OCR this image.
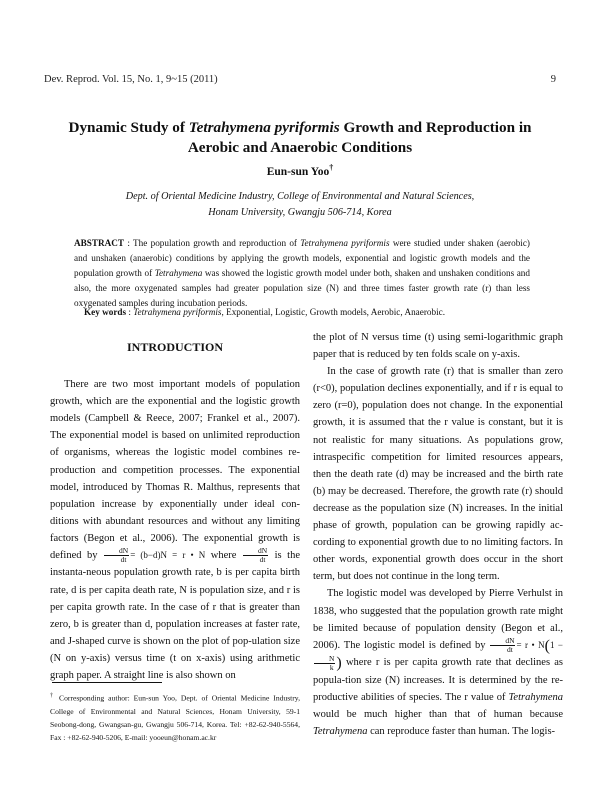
Dev. Reprod. Vol. 15, No. 1, 9~15 (2011)	9
Dynamic Study of Tetrahymena pyriformis Growth and Reproduction in Aerobic and Anaerobic Conditions
Eun-sun Yoo†
Dept. of Oriental Medicine Industry, College of Environmental and Natural Sciences,
Honam University, Gwangju 506-714, Korea
ABSTRACT : The population growth and reproduction of Tetrahymena pyriformis were studied under shaken (aerobic) and unshaken (anaerobic) conditions by applying the growth models, exponential and logistic growth models and the population growth of Tetrahymena was showed the logistic growth model under both, shaken and unshaken conditions and also, the more oxygenated samples had greater population size (N) and three times faster growth rate (r) than less oxygenated samples during incubation periods.
Key words : Tetrahymena pyriformis, Exponential, Logistic, Growth models, Aerobic, Anaerobic.
INTRODUCTION

There are two most important models of population growth, which are the exponential and the logistic growth models (Campbell & Reece, 2007; Frankel et al., 2007). The exponential model is based on unlimited reproduction of organisms, whereas the logistic model combines re-production and competition processes. The exponential model, introduced by Thomas R. Malthus, represents that population increase by exponentially under ideal con-ditions with abundant resources and without any limiting factors (Begon et al., 2006). The exponential growth is defined by $\frac{dN}{dt} = (b-d)N = r$ • N where $\frac{dN}{dt}$ is the instanta-neous population growth rate, b is per capita birth rate, d is per capita death rate, N is population size, and r is per capita growth rate. In the case of r that is greater than zero, b is greater than d, population increases at faster rate, and J-shaped curve is shown on the plot of pop-ulation size (N on y-axis) versus time (t on x-axis) using arithmetic graph paper. A straight line is also shown on

the plot of N versus time (t) using semi-logarithmic graph paper that is reduced by ten folds scale on y-axis.

In the case of growth rate (r) that is smaller than zero (r<0), population declines exponentially, and if r is equal to zero (r=0), population does not change. In the exponential growth, it is assumed that the r value is constant, but it is not realistic for many situations. As populations grow, intraspecific competition for limited resources appears, then the death rate (d) may be increased and the birth rate (b) may be decreased. Therefore, the growth rate (r) should decrease as the population size (N) increases. In the initial phase of growth, population can be growing rapidly ac-cording to exponential growth due to no limiting factors. In other words, exponential growth does occur in the short term, but does not continue in the long term.

The logistic model was developed by Pierre Verhulst in 1838, who suggested that the population growth rate might be limited because of population density (Begon et al., 2006). The logistic model is defined by $\frac{dN}{dt} = r$ • N(1 −
$\frac{N}{k}$ ) where r is per capita growth rate that declines as popula-tion size (N) increases. It is determined by the re-productive abilities of species. The r value of Tetrahymena would be much higher than that of human because Tetrahymena can reproduce faster than human. The logis-

† Corresponding author: Eun-sun Yoo, Dept. of Oriental Medicine Industry, College of Environmental and Natural Sciences, Honam University, 59-1 Seobong-dong, Gwangsan-gu, Gwangju 506-714, Korea. Tel: +82-62-940-5564, Fax : +82-62-940-5206, E-mail: yooeun@honam.ac.kr
